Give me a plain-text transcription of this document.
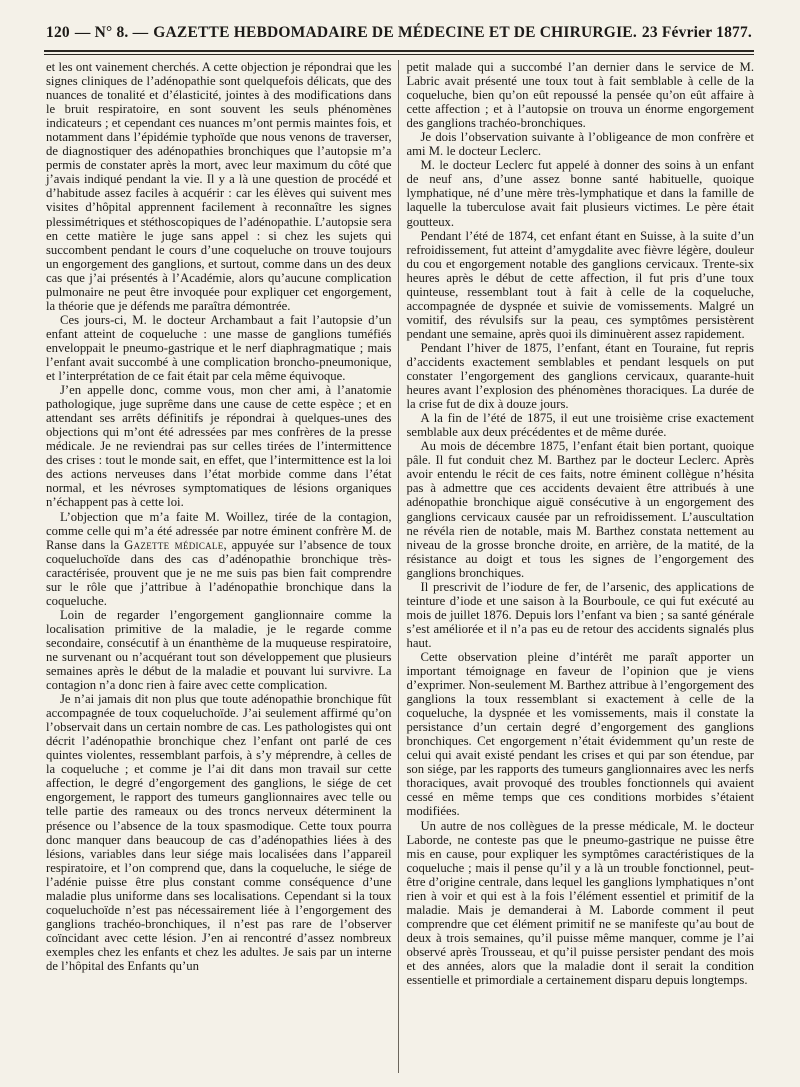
120 — N° 8. — GAZETTE HEBDOMADAIRE DE MÉDECINE ET DE CHIRURGIE. 23 Février 1877.

et les ont vainement cherchés. A cette objection je répondrai que les signes cliniques de l’adénopathie sont quelquefois délicats, que des nuances de tonalité et d’élasticité, jointes à des modifications dans le bruit respiratoire, en sont souvent les seuls phénomènes indicateurs ; et cependant ces nuances m’ont permis maintes fois, et notamment dans l’épidémie typhoïde que nous venons de traverser, de diagnostiquer des adénopathies bronchiques que l’autopsie m’a permis de constater après la mort, avec leur maximum du côté que j’avais indiqué pendant la vie. Il y a là une question de procédé et d’habitude assez faciles à acquérir : car les élèves qui suivent mes visites d’hôpital apprennent facilement à reconnaître les signes plessimétriques et stéthoscopiques de l’adénopathie. L’autopsie sera en cette matière le juge sans appel : si chez les sujets qui succombent pendant le cours d’une coqueluche on trouve toujours un engorgement des ganglions, et surtout, comme dans un des deux cas que j’ai présentés à l’Académie, alors qu’aucune complication pulmonaire ne peut être invoquée pour expliquer cet engorgement, la théorie que je défends me paraîtra démontrée.

Ces jours-ci, M. le docteur Archambaut a fait l’autopsie d’un enfant atteint de coqueluche : une masse de ganglions tuméfiés enveloppait le pneumo-gastrique et le nerf diaphragmatique ; mais l’enfant avait succombé à une complication broncho-pneumonique, et l’interprétation de ce fait était par cela même équivoque.

J’en appelle donc, comme vous, mon cher ami, à l’anatomie pathologique, juge suprême dans une cause de cette espèce ; et en attendant ses arrêts définitifs je répondrai à quelques-unes des objections qui m’ont été adressées par mes confrères de la presse médicale. Je ne reviendrai pas sur celles tirées de l’intermittence des crises : tout le monde sait, en effet, que l’intermittence est la loi des actions nerveuses dans l’état morbide comme dans l’état normal, et les névroses symptomatiques de lésions organiques n’échappent pas à cette loi.

L’objection que m’a faite M. Woillez, tirée de la contagion, comme celle qui m’a été adressée par notre éminent confrère M. de Ranse dans la Gazette médicale, appuyée sur l’absence de toux coqueluchoïde dans des cas d’adénopathie bronchique très-caractérisée, prouvent que je ne me suis pas bien fait comprendre sur le rôle que j’attribue à l’adénopathie bronchique dans la coqueluche.

Loin de regarder l’engorgement ganglionnaire comme la localisation primitive de la maladie, je le regarde comme secondaire, consécutif à un énanthème de la muqueuse respiratoire, ne survenant ou n’acquérant tout son développement que plusieurs semaines après le début de la maladie et pouvant lui survivre. La contagion n’a donc rien à faire avec cette complication.

Je n’ai jamais dit non plus que toute adénopathie bronchique fût accompagnée de toux coqueluchoïde. J’ai seulement affirmé qu’on l’observait dans un certain nombre de cas. Les pathologistes qui ont décrit l’adénopathie bronchique chez l’enfant ont parlé de ces quintes violentes, ressemblant parfois, à s’y méprendre, à celles de la coqueluche ; et comme je l’ai dit dans mon travail sur cette affection, le degré d’engorgement des ganglions, le siége de cet engorgement, le rapport des tumeurs ganglionnaires avec telle ou telle partie des rameaux ou des troncs nerveux déterminent la présence ou l’absence de la toux spasmodique. Cette toux pourra donc manquer dans beaucoup de cas d’adénopathies liées à des lésions, variables dans leur siége mais localisées dans l’appareil respiratoire, et l’on comprend que, dans la coqueluche, le siége de l’adénie puisse être plus constant comme conséquence d’une maladie plus uniforme dans ses localisations. Cependant si la toux coqueluchoïde n’est pas nécessairement liée à l’engorgement des ganglions trachéo-bronchiques, il n’est pas rare de l’observer coïncidant avec cette lésion. J’en ai rencontré d’assez nombreux exemples chez les enfants et chez les adultes. Je sais par un interne de l’hôpital des Enfants qu’un

petit malade qui a succombé l’an dernier dans le service de M. Labric avait présenté une toux tout à fait semblable à celle de la coqueluche, bien qu’on eût repoussé la pensée qu’on eût affaire à cette affection ; et à l’autopsie on trouva un énorme engorgement des ganglions trachéo-bronchiques.

Je dois l’observation suivante à l’obligeance de mon confrère et ami M. le docteur Leclerc.

M. le docteur Leclerc fut appelé à donner des soins à un enfant de neuf ans, d’une assez bonne santé habituelle, quoique lymphatique, né d’une mère très-lymphatique et dans la famille de laquelle la tuberculose avait fait plusieurs victimes. Le père était goutteux.

Pendant l’été de 1874, cet enfant étant en Suisse, à la suite d’un refroidissement, fut atteint d’amygdalite avec fièvre légère, douleur du cou et engorgement notable des ganglions cervicaux. Trente-six heures après le début de cette affection, il fut pris d’une toux quinteuse, ressemblant tout à fait à celle de la coqueluche, accompagnée de dyspnée et suivie de vomissements. Malgré un vomitif, des révulsifs sur la peau, ces symptômes persistèrent pendant une semaine, après quoi ils diminuèrent assez rapidement.

Pendant l’hiver de 1875, l’enfant, étant en Touraine, fut repris d’accidents exactement semblables et pendant lesquels on put constater l’engorgement des ganglions cervicaux, quarante-huit heures avant l’explosion des phénomènes thoraciques. La durée de la crise fut de dix à douze jours.

A la fin de l’été de 1875, il eut une troisième crise exactement semblable aux deux précédentes et de même durée.

Au mois de décembre 1875, l’enfant était bien portant, quoique pâle. Il fut conduit chez M. Barthez par le docteur Leclerc. Après avoir entendu le récit de ces faits, notre éminent collègue n’hésita pas à admettre que ces accidents devaient être attribués à une adénopathie bronchique aiguë consécutive à un engorgement des ganglions cervicaux causée par un refroidissement. L’auscultation ne révéla rien de notable, mais M. Barthez constata nettement au niveau de la grosse bronche droite, en arrière, de la matité, de la résistance au doigt et tous les signes de l’engorgement des ganglions bronchiques.

Il prescrivit de l’iodure de fer, de l’arsenic, des applications de teinture d’iode et une saison à la Bourboule, ce qui fut exécuté au mois de juillet 1876. Depuis lors l’enfant va bien ; sa santé générale s’est améliorée et il n’a pas eu de retour des accidents signalés plus haut.

Cette observation pleine d’intérêt me paraît apporter un important témoignage en faveur de l’opinion que je viens d’exprimer. Non-seulement M. Barthez attribue à l’engorgement des ganglions la toux ressemblant si exactement à celle de la coqueluche, la dyspnée et les vomissements, mais il constate la persistance d’un certain degré d’engorgement des ganglions bronchiques. Cet engorgement n’était évidemment qu’un reste de celui qui avait existé pendant les crises et qui par son étendue, par son siége, par les rapports des tumeurs ganglionnaires avec les nerfs thoraciques, avait provoqué des troubles fonctionnels qui avaient cessé en même temps que ces conditions morbides s’étaient modifiées.

Un autre de nos collègues de la presse médicale, M. le docteur Laborde, ne conteste pas que le pneumo-gastrique ne puisse être mis en cause, pour expliquer les symptômes caractéristiques de la coqueluche ; mais il pense qu’il y a là un trouble fonctionnel, peut-être d’origine centrale, dans lequel les ganglions lymphatiques n’ont rien à voir et qui est à la fois l’élément essentiel et primitif de la maladie. Mais je demanderai à M. Laborde comment il peut comprendre que cet élément primitif ne se manifeste qu’au bout de deux à trois semaines, qu’il puisse même manquer, comme je l’ai observé après Trousseau, et qu’il puisse persister pendant des mois et des années, alors que la maladie dont il serait la condition essentielle et primordiale a certainement disparu depuis longtemps.
